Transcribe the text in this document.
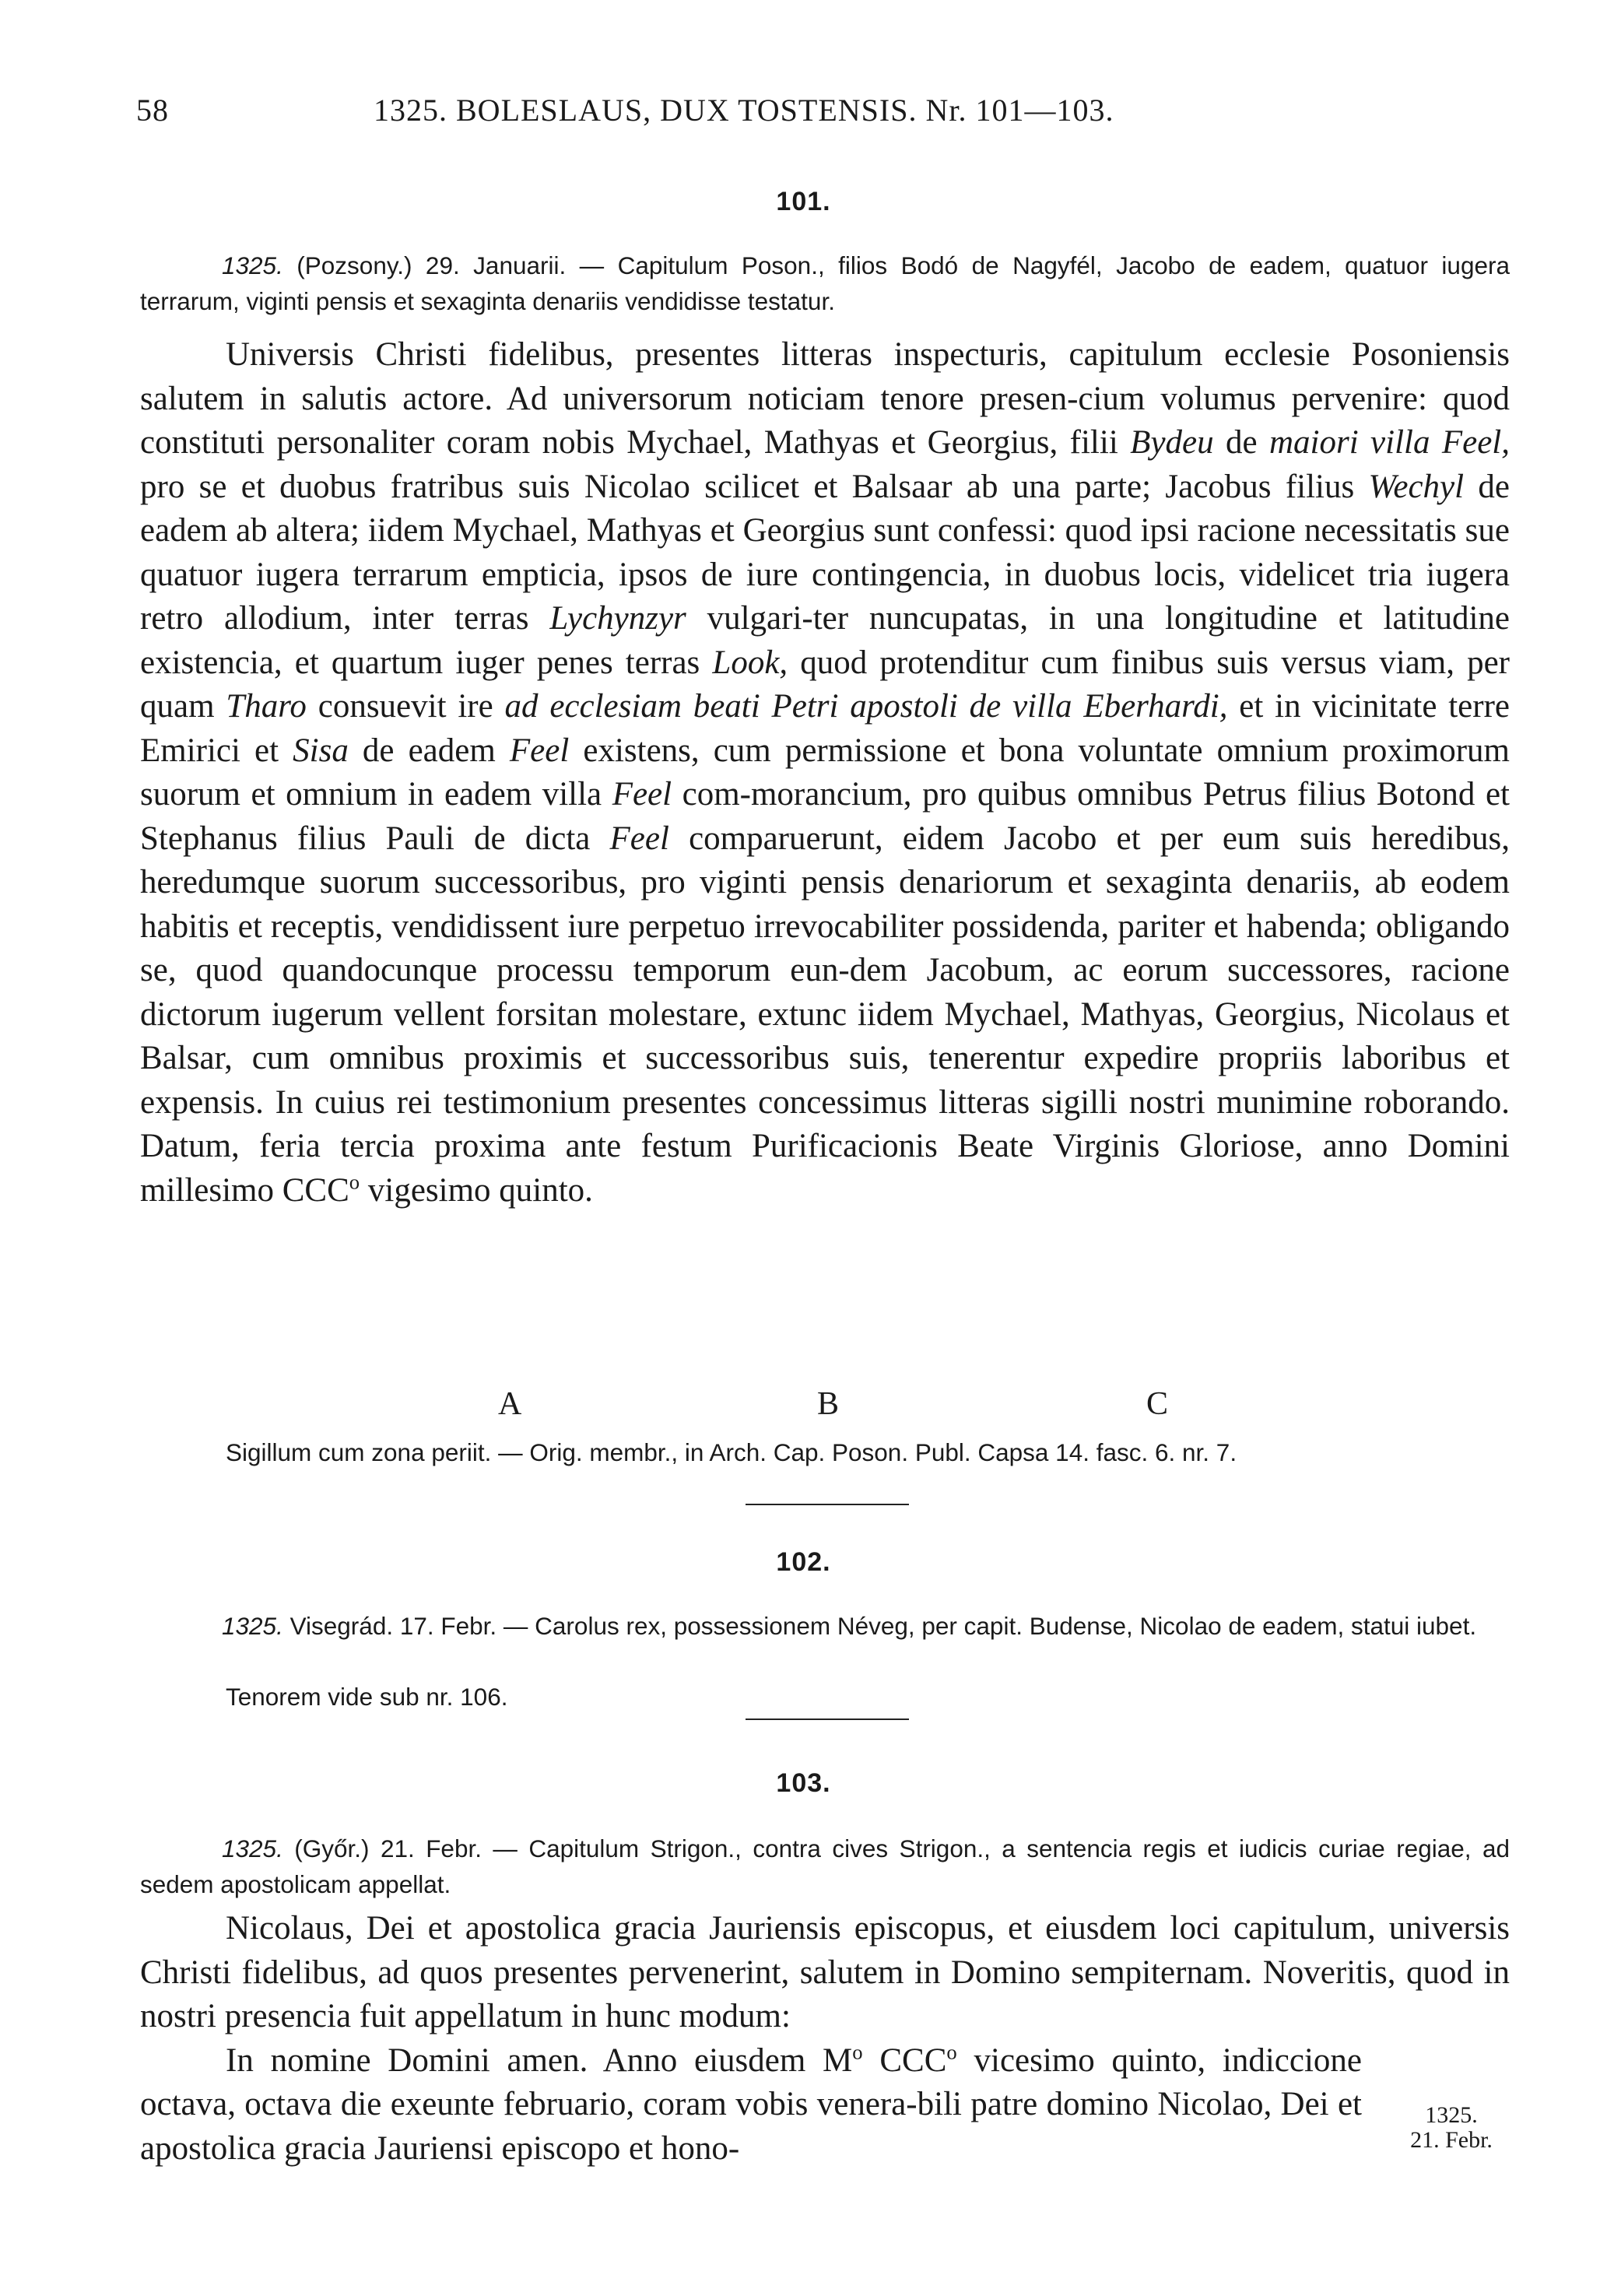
58	1325. BOLESLAUS, DUX TOSTENSIS. Nr. 101—103.
101.
1325. (Pozsony.) 29. Januarii. — Capitulum Poson., filios Bodó de Nagyfél, Jacobo de eadem, quatuor iugera terrarum, viginti pensis et sexaginta denariis vendidisse testatur.

Universis Christi fidelibus, presentes litteras inspecturis, capitulum ecclesie Posoniensis salutem in salutis actore. Ad universorum noticiam tenore presen-cium volumus pervenire: quod constituti personaliter coram nobis Mychael, Mathyas et Georgius, filii Bydeu de maiori villa Feel, pro se et duobus fratribus suis Nicolao scilicet et Balsaar ab una parte; Jacobus filius Wechyl de eadem ab altera; iidem Mychael, Mathyas et Georgius sunt confessi: quod ipsi racione necessitatis sue quatuor iugera terrarum empticia, ipsos de iure contingencia, in duobus locis, videlicet tria iugera retro allodium, inter terras Lychynzyr vulgari-ter nuncupatas, in una longitudine et latitudine existencia, et quartum iuger penes terras Look, quod protenditur cum finibus suis versus viam, per quam Tharo consuevit ire ad ecclesiam beati Petri apostoli de villa Eberhardi, et in vicinitate terre Emirici et Sisa de eadem Feel existens, cum permissione et bona voluntate omnium proximorum suorum et omnium in eadem villa Feel com-morancium, pro quibus omnibus Petrus filius Botond et Stephanus filius Pauli de dicta Feel comparuerunt, eidem Jacobo et per eum suis heredibus, heredumque suorum successoribus, pro viginti pensis denariorum et sexaginta denariis, ab eodem habitis et receptis, vendidissent iure perpetuo irrevocabiliter possidenda, pariter et habenda; obligando se, quod quandocunque processu temporum eun-dem Jacobum, ac eorum successores, racione dictorum iugerum vellent forsitan molestare, extunc iidem Mychael, Mathyas, Georgius, Nicolaus et Balsar, cum omnibus proximis et successoribus suis, tenerentur expedire propriis laboribus et expensis. In cuius rei testimonium presentes concessimus litteras sigilli nostri munimine roborando. Datum, feria tercia proxima ante festum Purificacionis Beate Virginis Gloriose, anno Domini millesimo CCC$^o$ vigesimo quinto.

A	B	C
Sigillum cum zona periit. — Orig. membr., in Arch. Cap. Poson. Publ. Capsa 14. fasc. 6. nr. 7.
102.
1325. Visegrád. 17. Febr. — Carolus rex, possessionem Néveg, per capit. Budense, Nicolao de eadem, statui iubet.
Tenorem vide sub nr. 106.
103.
1325. (Győr.) 21. Febr. — Capitulum Strigon., contra cives Strigon., a sentencia regis et iudicis curiae regiae, ad sedem apostolicam appellat.

Nicolaus, Dei et apostolica gracia Jauriensis episcopus, et eiusdem loci capitulum, universis Christi fidelibus, ad quos presentes pervenerint, salutem in Domino sempiternam. Noveritis, quod in nostri presencia fuit appellatum in hunc modum:

In nomine Domini amen. Anno eiusdem $M^o$ CCC$^o$ vicesimo quinto, indiccione octava, octava die exeunte februario, coram vobis venera-bili patre domino Nicolao, Dei et apostolica gracia Jauriensi episcopo et hono-

1325.
21. Febr.
